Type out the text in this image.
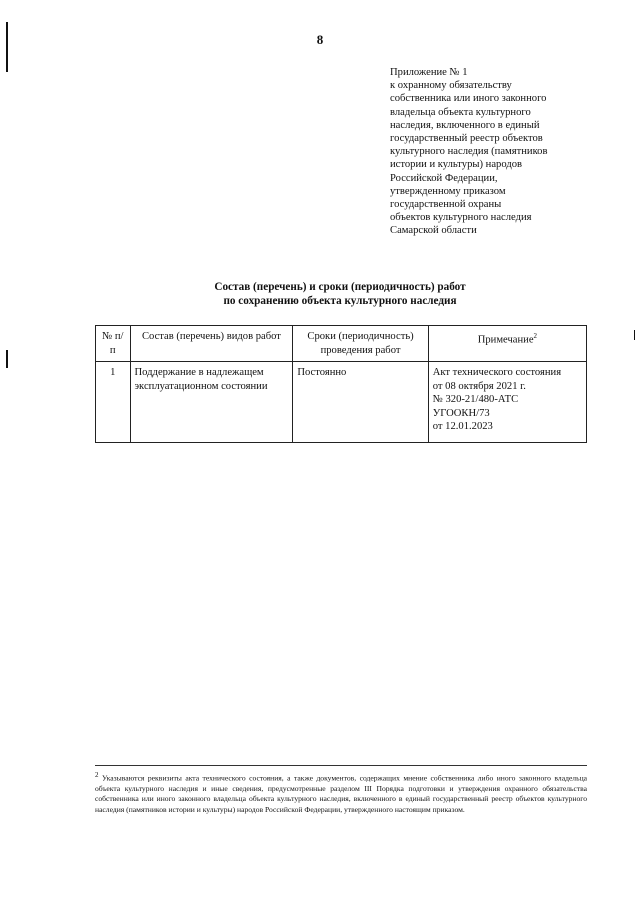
8
Приложение № 1
к охранному обязательству
собственника или иного законного
владельца объекта культурного
наследия, включенного в единый
государственный реестр объектов
культурного наследия (памятников
истории и культуры) народов
Российской Федерации,
утвержденному приказом
государственной охраны
объектов культурного наследия
Самарской области
Состав (перечень) и сроки (периодичность) работ
по сохранению объекта культурного наследия
№ п/п	Состав (перечень) видов работ	Сроки (периодичность) проведения работ	Примечание$^2$
1	Поддержание в надлежащем эксплуатационном состоянии	Постоянно	Акт технического состояния
от 08 октября 2021 г.
№ 320-21/480-АТС
УГООКН/73
от 12.01.2023
$^2$ Указываются реквизиты акта технического состояния, а также документов, содержащих мнение собственника либо иного законного владельца объекта культурного наследия и иные сведения, предусмотренные разделом III Порядка подготовки и утверждения охранного обязательства собственника или иного законного владельца объекта культурного наследия, включенного в единый государственный реестр объектов культурного наследия (памятников истории и культуры) народов Российской Федерации, утвержденного настоящим приказом.
